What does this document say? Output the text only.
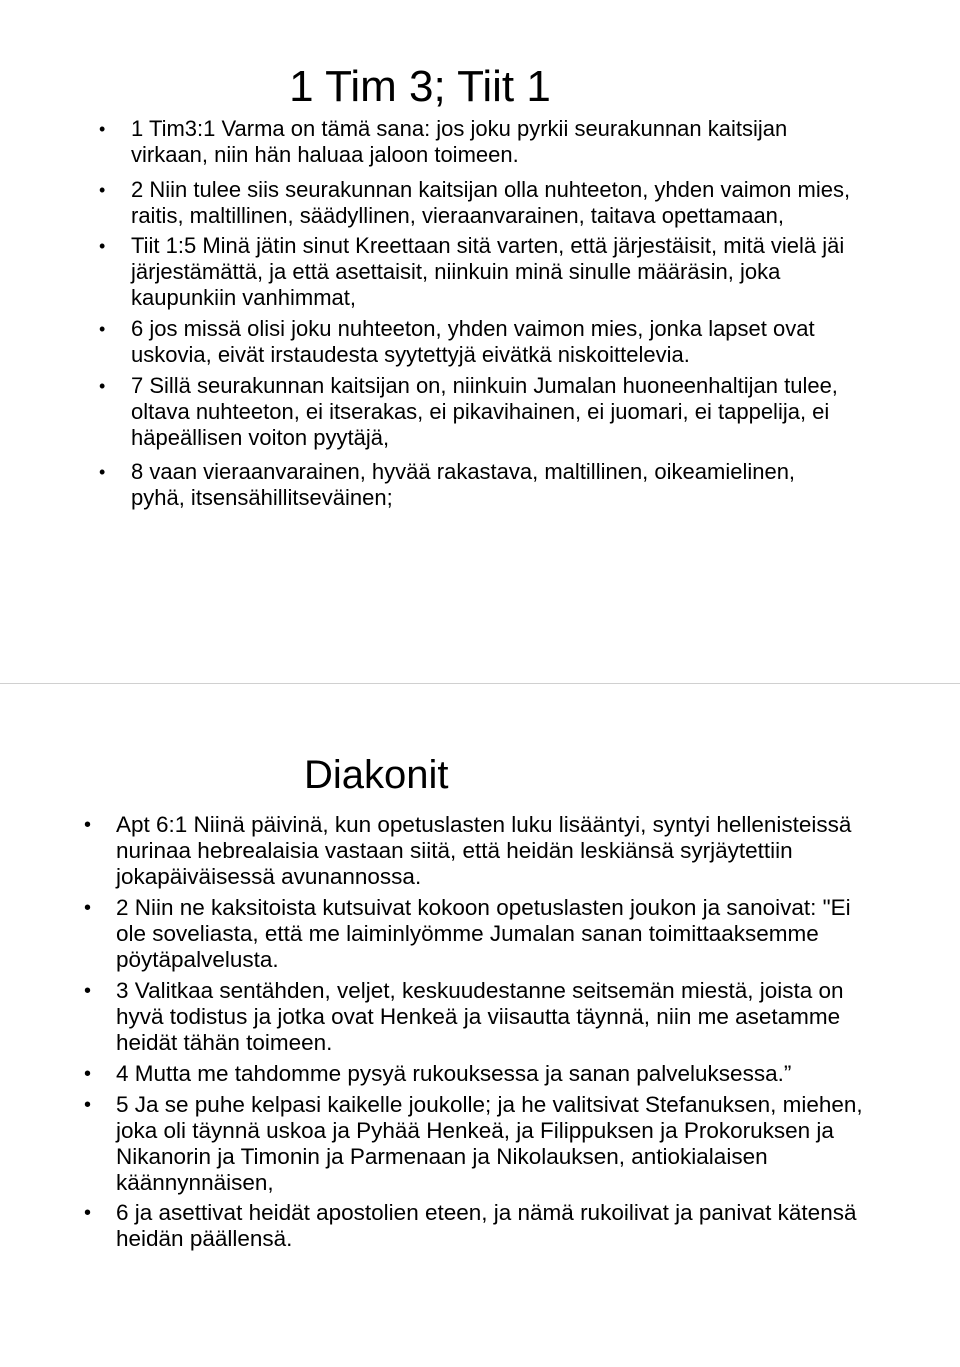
1 Tim 3; Tiit 1
• 1 Tim3:1 Varma on tämä sana: jos joku pyrkii seurakunnan kaitsijan virkaan, niin hän haluaa jaloon toimeen.
• 2 Niin tulee siis seurakunnan kaitsijan olla nuhteeton, yhden vaimon mies, raitis, maltillinen, säädyllinen, vieraanvarainen, taitava opettamaan,
• Tiit 1:5 Minä jätin sinut Kreettaan sitä varten, että järjestäisit, mitä vielä jäi järjestämättä, ja että asettaisit, niinkuin minä sinulle määräsin, joka kaupunkiin vanhimmat,
• 6 jos missä olisi joku nuhteeton, yhden vaimon mies, jonka lapset ovat uskovia, eivät irstaudesta syytettyjä eivätkä niskoittelevia.
• 7 Sillä seurakunnan kaitsijan on, niinkuin Jumalan huoneenhaltijan tulee, oltava nuhteeton, ei itserakas, ei pikavihainen, ei juomari, ei tappelija, ei häpeällisen voiton pyytäjä,
• 8 vaan vieraanvarainen, hyvää rakastava, maltillinen, oikeamielinen, pyhä, itsensähillitseväinen;
Diakonit
• Apt 6:1 Niinä päivinä, kun opetuslasten luku lisääntyi, syntyi hellenisteissä nurinaa hebrealaisia vastaan siitä, että heidän leskiänsä syrjäytettiin jokapäiväisessä avunannossa.
• 2 Niin ne kaksitoista kutsuivat kokoon opetuslasten joukon ja sanoivat: "Ei ole soveliasta, että me laiminlyömme Jumalan sanan toimittaaksemme pöytäpalvelusta.
• 3 Valitkaa sentähden, veljet, keskuudestanne seitsemän miestä, joista on hyvä todistus ja jotka ovat Henkeä ja viisautta täynnä, niin me asetamme heidät tähän toimeen.
• 4 Mutta me tahdomme pysyä rukouksessa ja sanan palveluksessa.”
• 5 Ja se puhe kelpasi kaikelle joukolle; ja he valitsivat Stefanuksen, miehen, joka oli täynnä uskoa ja Pyhää Henkeä, ja Filippuksen ja Prokoruksen ja Nikanorin ja Timonin ja Parmenaan ja Nikolauksen, antiokialaisen käännynnäisen,
• 6 ja asettivat heidät apostolien eteen, ja nämä rukoilivat ja panivat kätensä heidän päällensä.
